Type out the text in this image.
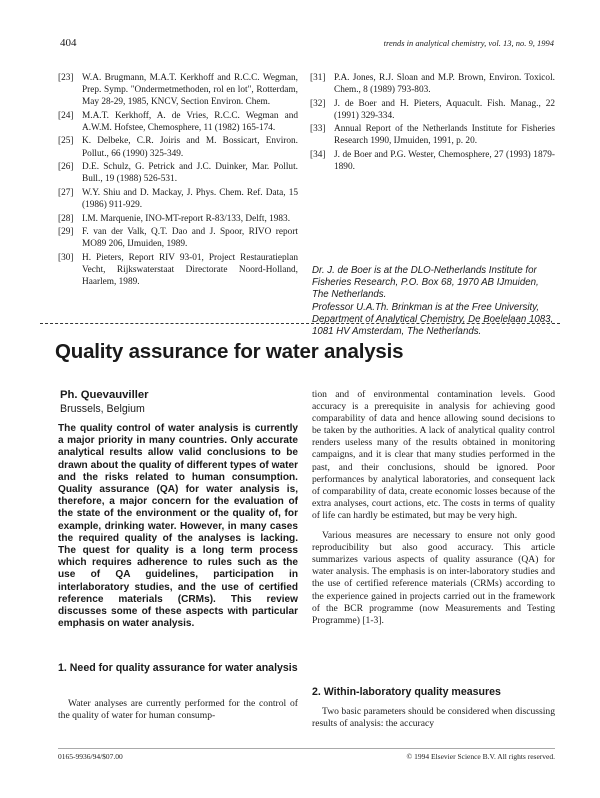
404	trends in analytical chemistry, vol. 13, no. 9, 1994
[23] W.A. Brugmann, M.A.T. Kerkhoff and R.C.C. Wegman, Prep. Symp. "Ondermetmethoden, rol en lot", Rotterdam, May 28-29, 1985, KNCV, Section Environ. Chem.
[24] M.A.T. Kerkhoff, A. de Vries, R.C.C. Wegman and A.W.M. Hofstee, Chemosphere, 11 (1982) 165-174.
[25] K. Delbeke, C.R. Joiris and M. Bossicart, Environ. Pollut., 66 (1990) 325-349.
[26] D.E. Schulz, G. Petrick and J.C. Duinker, Mar. Pollut. Bull., 19 (1988) 526-531.
[27] W.Y. Shiu and D. Mackay, J. Phys. Chem. Ref. Data, 15 (1986) 911-929.
[28] I.M. Marquenie, INO-MT-report R-83/133, Delft, 1983.
[29] F. van der Valk, Q.T. Dao and J. Spoor, RIVO report MO89 206, IJmuiden, 1989.
[30] H. Pieters, Report RIV 93-01, Project Restauratieplan Vecht, Rijkswaterstaat Directorate Noord-Holland, Haarlem, 1989.
[31] P.A. Jones, R.J. Sloan and M.P. Brown, Environ. Toxicol. Chem., 8 (1989) 793-803.
[32] J. de Boer and H. Pieters, Aquacult. Fish. Manag., 22 (1991) 329-334.
[33] Annual Report of the Netherlands Institute for Fisheries Research 1990, IJmuiden, 1991, p. 20.
[34] J. de Boer and P.G. Wester, Chemosphere, 27 (1993) 1879-1890.

Dr. J. de Boer is at the DLO-Netherlands Institute for Fisheries Research, P.O. Box 68, 1970 AB IJmuiden, The Netherlands.

Professor U.A.Th. Brinkman is at the Free University, Department of Analytical Chemistry, De Boelelaan 1083, 1081 HV Amsterdam, The Netherlands.

Quality assurance for water analysis
Ph. Quevauviller
Brussels, Belgium
The quality control of water analysis is currently a major priority in many countries. Only accurate analytical results allow valid conclusions to be drawn about the quality of different types of water and the risks related to human consumption. Quality assurance (QA) for water analysis is, therefore, a major concern for the evaluation of the state of the environment or the quality of, for example, drinking water. However, in many cases the required quality of the analyses is lacking. The quest for quality is a long term process which requires adherence to rules such as the use of QA guidelines, participation in interlaboratory studies, and the use of certified reference materials (CRMs). This review discusses some of these aspects with particular emphasis on water analysis.
1. Need for quality assurance for water analysis

Water analyses are currently performed for the control of the quality of water for human consump-

tion and of environmental contamination levels. Good accuracy is a prerequisite in analysis for achieving good comparability of data and hence allowing sound decisions to be taken by the authorities. A lack of analytical quality control renders useless many of the results obtained in monitoring campaigns, and it is clear that many studies performed in the past, and their conclusions, should be ignored. Poor performances by analytical laboratories, and consequent lack of comparability of data, create economic losses because of the extra analyses, court actions, etc. The costs in terms of quality of life can hardly be estimated, but may be very high.

Various measures are necessary to ensure not only good reproducibility but also good accuracy. This article summarizes various aspects of quality assurance (QA) for water analysis. The emphasis is on inter-laboratory studies and the use of certified reference materials (CRMs) according to the experience gained in projects carried out in the framework of the BCR programme (now Measurements and Testing Programme) [1-3].

2. Within-laboratory quality measures

Two basic parameters should be considered when discussing results of analysis: the accuracy

0165-9936/94/$07.00	© 1994 Elsevier Science B.V. All rights reserved.
